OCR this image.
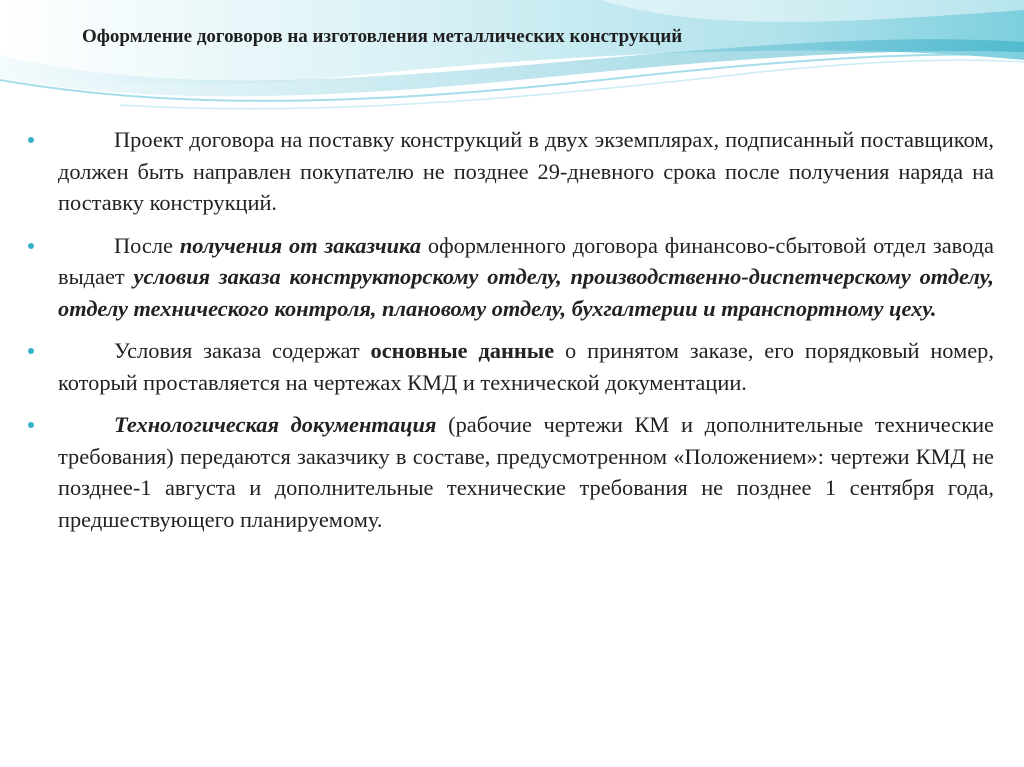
Оформление договоров на изготовления металлических конструкций
Проект договора на поставку конструкций в двух экземплярах, подписанный поставщиком, должен быть направлен покупателю не позднее 29-дневного срока после получения наряда на поставку конструкций.
После получения от заказчика оформленного договора финансово-сбытовой отдел завода выдает условия заказа конструкторскому отделу, производственно-диспетчерскому отделу, отделу технического контроля, плановому отделу, бухгалтерии и транспортному цеху.
Условия заказа содержат основные данные о принятом заказе, его порядковый номер, который проставляется на чертежах КМД и технической документации.
Технологическая документация (рабочие чертежи КМ и дополнительные технические требования) передаются заказчику в составе, предусмотренном «Положением»: чертежи КМД не позднее-1 августа и дополнительные технические требования не позднее 1 сентября года, предшествующего планируемому.
